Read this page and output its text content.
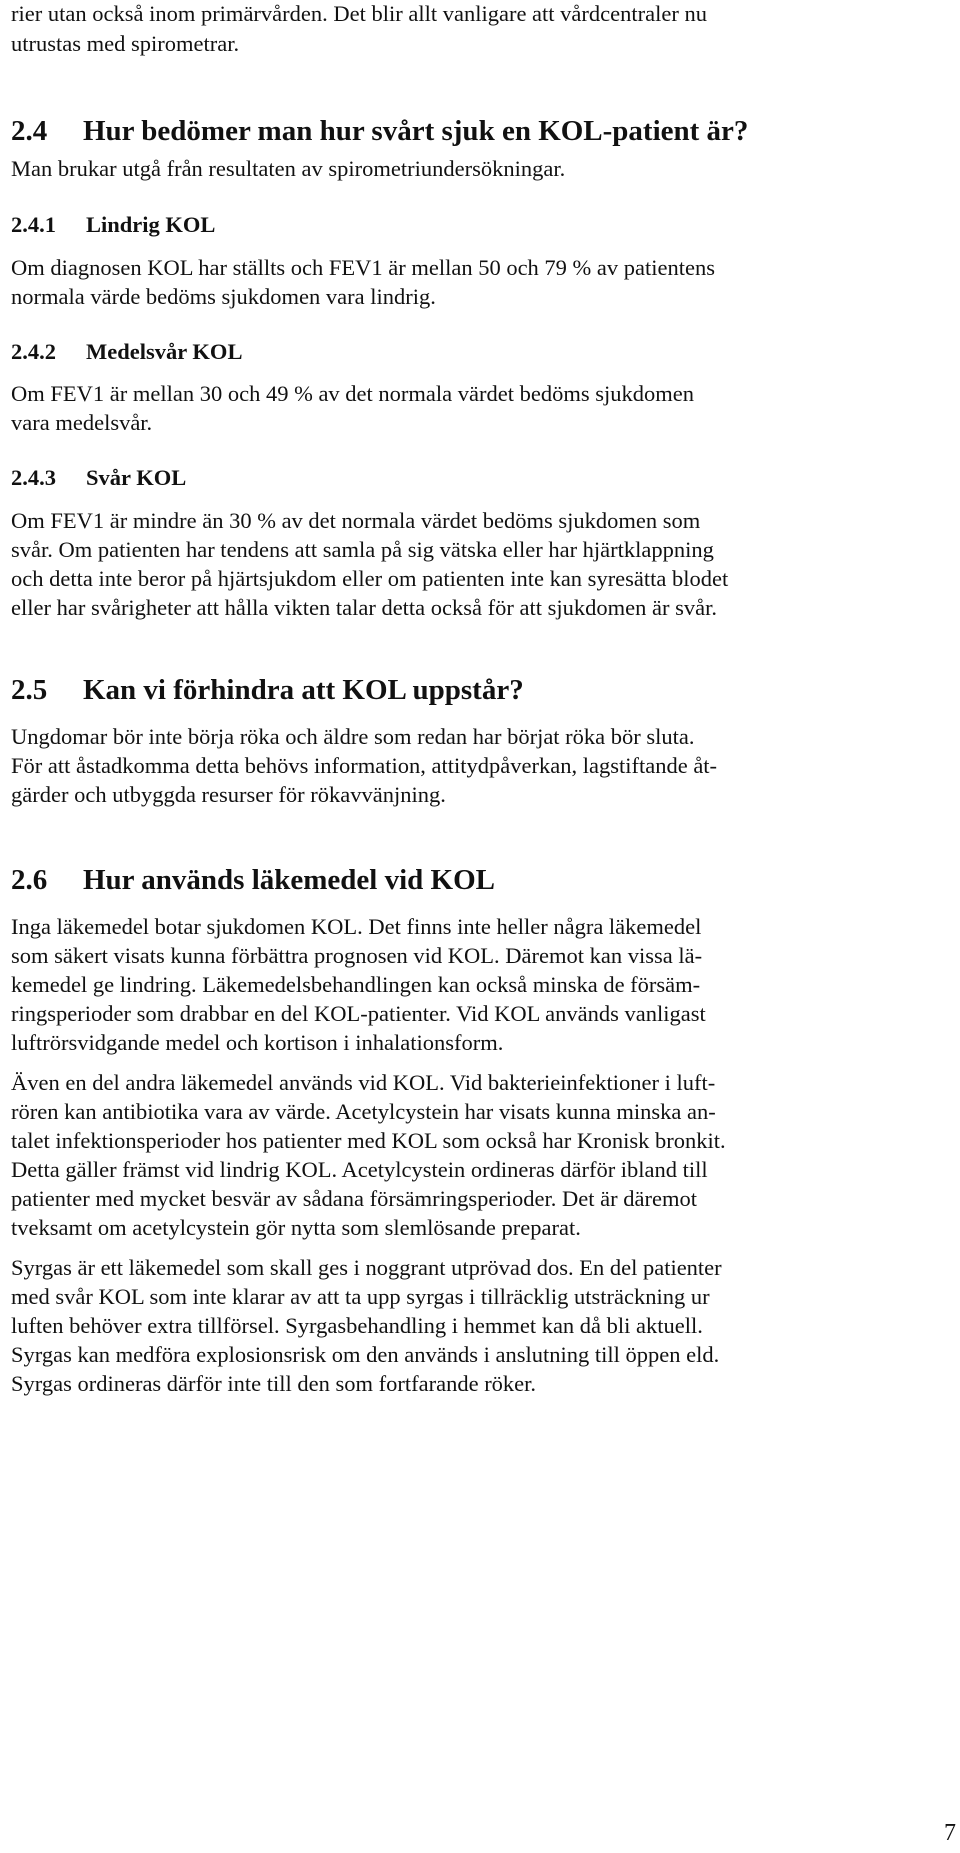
rier utan också inom primärvården. Det blir allt vanligare att vårdcentraler nu

utrustas med spirometrar.

2.4 Hur bedömer man hur svårt sjuk en KOL-patient är?

Man brukar utgå från resultaten av spirometriundersökningar.

2.4.1 Lindrig KOL

Om diagnosen KOL har ställts och FEV1 är mellan 50 och 79 % av patientens

normala värde bedöms sjukdomen vara lindrig.

2.4.2 Medelsvår KOL

Om FEV1 är mellan 30 och 49 % av det normala värdet bedöms sjukdomen

vara medelsvår.

2.4.3 Svår KOL

Om FEV1 är mindre än 30 % av det normala värdet bedöms sjukdomen som

svår. Om patienten har tendens att samla på sig vätska eller har hjärtklappning

och detta inte beror på hjärtsjukdom eller om patienten inte kan syresätta blodet

eller har svårigheter att hålla vikten talar detta också för att sjukdomen är svår.

2.5 Kan vi förhindra att KOL uppstår?

Ungdomar bör inte börja röka och äldre som redan har börjat röka bör sluta.

För att åstadkomma detta behövs information, attitydpåverkan, lagstiftande åt-

gärder och utbyggda resurser för rökavvänjning.

2.6 Hur används läkemedel vid KOL

Inga läkemedel botar sjukdomen KOL. Det finns inte heller några läkemedel

som säkert visats kunna förbättra prognosen vid KOL. Däremot kan vissa lä-

kemedel ge lindring. Läkemedelsbehandlingen kan också minska de försäm-

ringsperioder som drabbar en del KOL-patienter. Vid KOL används vanligast

luftrörsvidgande medel och kortison i inhalationsform.

Även en del andra läkemedel används vid KOL. Vid bakterieinfektioner i luft-

rören kan antibiotika vara av värde. Acetylcystein har visats kunna minska an-

talet infektionsperioder hos patienter med KOL som också har Kronisk bronkit.

Detta gäller främst vid lindrig KOL. Acetylcystein ordineras därför ibland till

patienter med mycket besvär av sådana försämringsperioder. Det är däremot

tveksamt om acetylcystein gör nytta som slemlösande preparat.

Syrgas är ett läkemedel som skall ges i noggrant utprövad dos. En del patienter

med svår KOL som inte klarar av att ta upp syrgas i tillräcklig utsträckning ur

luften behöver extra tillförsel. Syrgasbehandling i hemmet kan då bli aktuell.

Syrgas kan medföra explosionsrisk om den används i anslutning till öppen eld.

Syrgas ordineras därför inte till den som fortfarande röker.

7
